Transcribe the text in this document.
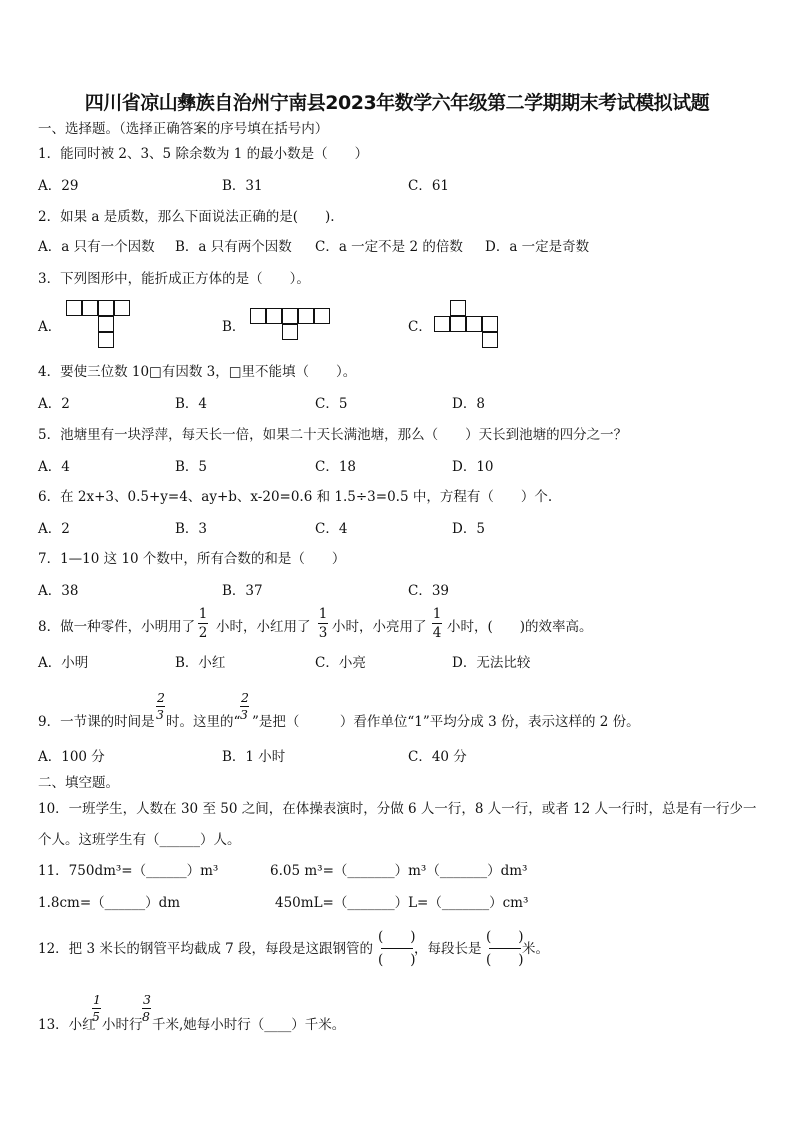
四川省凉山彝族自治州宁南县2023年数学六年级第二学期期末考试模拟试题
一、选择题。（选择正确答案的序号填在括号内）
1．能同时被 2、3、5 除余数为 1 的最小数是（　　）
A．29	B．31	C．61
2．如果 a 是质数，那么下面说法正确的是(　　).
A．a 只有一个因数 B．a 只有两个因数 C．a 一定不是 2 的倍数 D．a 一定是奇数
3．下列图形中，能折成正方体的是（　　）。
A．	B．	C．
4．要使三位数 10□有因数 3，□里不能填（　　）。
A．2	B．4	C．5	D．8
5．池塘里有一块浮萍，每天长一倍，如果二十天长满池塘，那么（　　）天长到池塘的四分之一？
A．4	B．5	C．18	D．10
6．在 2x+3、0.5+y=4、ay+b、x-20=0.6 和 1.5÷3=0.5 中，方程有（　　）个.
A．2	B．3	C．4	D．5
7．1—10 这 10 个数中，所有合数的和是（　　）
A．38	B．37	C．39
8．做一种零件，小明用了
1
2 小时，小红用了
1
3 小时，小亮用了
1
4 小时，(　　)的效率高。
A．小明	B．小红	C．小亮	D．无法比较
9．一节课的时间是
2
3 时。这里的“
2
3 ”是把（　　　）看作单位“1”平均分成 3 份，表示这样的 2 份。
A．100 分	B．1 小时	C．40 分
二、填空题。
10．一班学生，人数在 30 至 50 之间，在体操表演时，分做 6 人一行，8 人一行，或者 12 人一行时，总是有一行少一
个人。这班学生有（______）人。
11．750dm³=（______）m³	6.05 m³=（_______）m³（_______）dm³
1.8cm=（______）dm	450mL=（_______）L=（_______）cm³
12．把 3 米长的钢管平均截成 7 段，每段是这跟钢管的
(　　)
(　　)
，每段长是
(　　)
(　　)
米。
13．小红
1
5
小时行
3
8
千米,她每小时行（____）千米。
